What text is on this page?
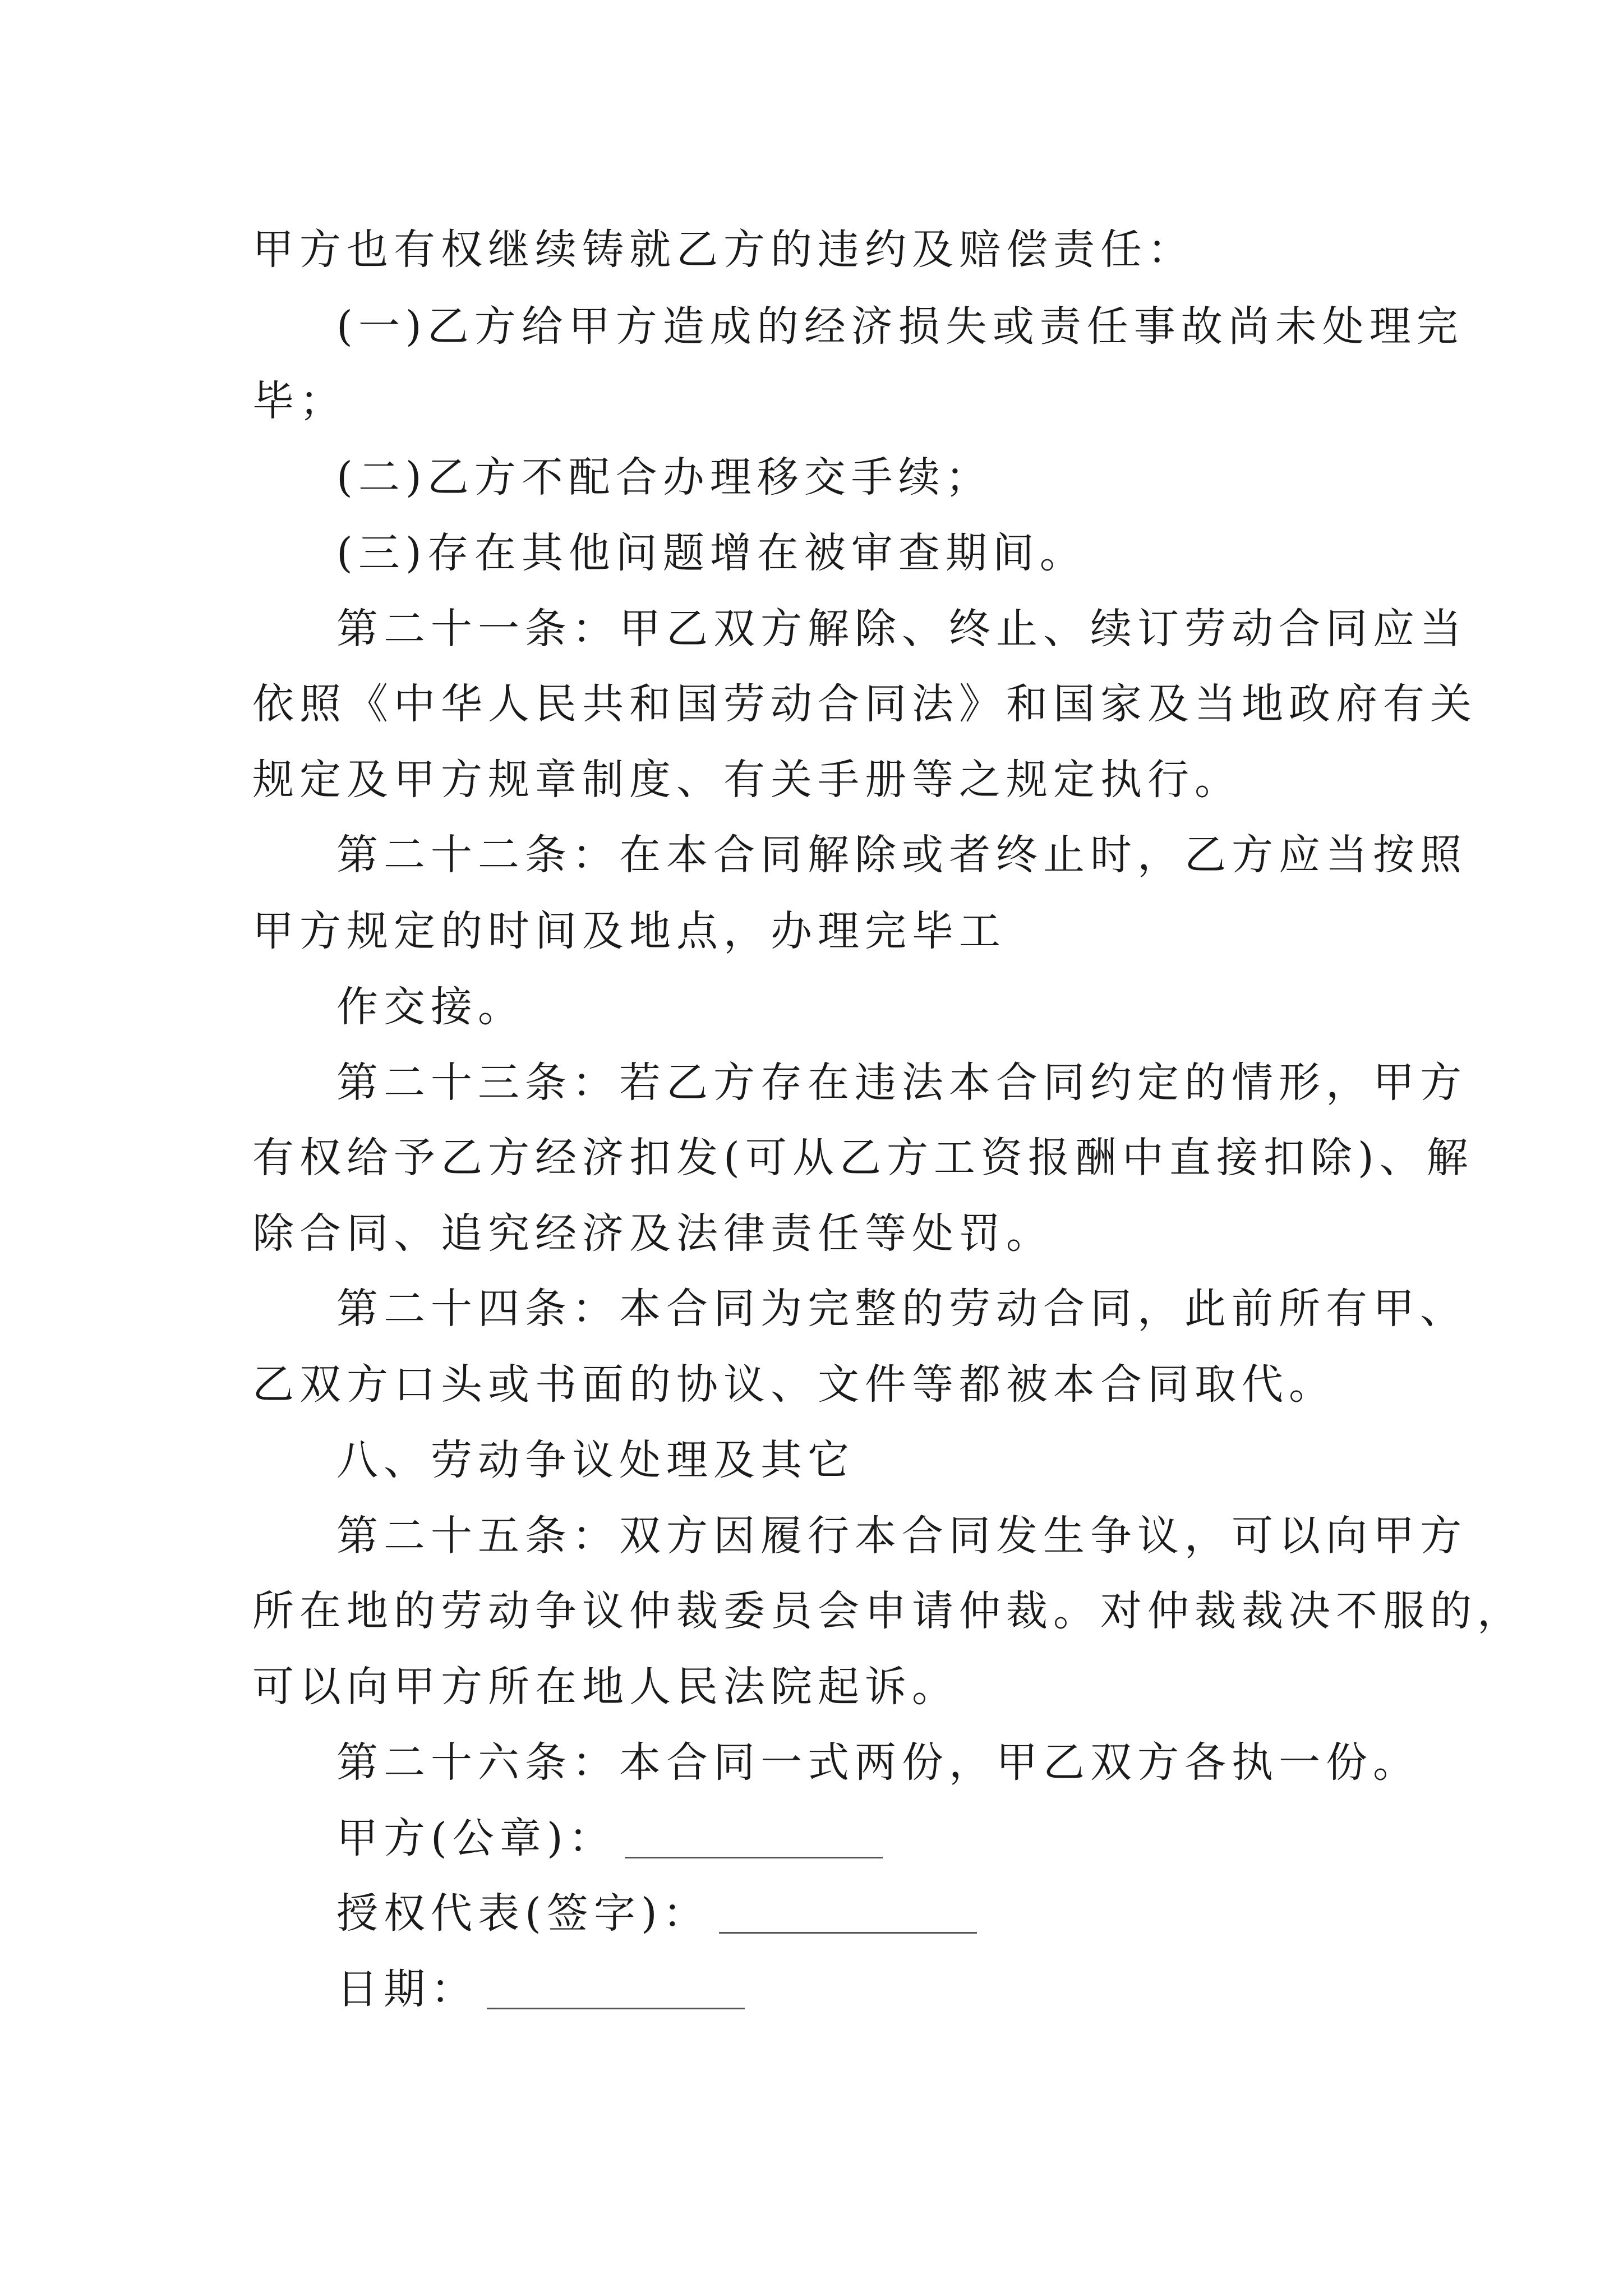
甲方也有权继续铸就乙方的违约及赔偿责任：
(一)乙方给甲方造成的经济损失或责任事故尚未处理完
毕；
(二)乙方不配合办理移交手续；
(三)存在其他问题增在被审查期间。
第二十一条：甲乙双方解除、终止、续订劳动合同应当
依照《中华人民共和国劳动合同法》和国家及当地政府有关
规定及甲方规章制度、有关手册等之规定执行。
第二十二条：在本合同解除或者终止时，乙方应当按照
甲方规定的时间及地点，办理完毕工
作交接。
第二十三条：若乙方存在违法本合同约定的情形，甲方
有权给予乙方经济扣发(可从乙方工资报酬中直接扣除)、解
除合同、追究经济及法律责任等处罚。
第二十四条：本合同为完整的劳动合同，此前所有甲、
乙双方口头或书面的协议、文件等都被本合同取代。
八、劳动争议处理及其它
第二十五条：双方因履行本合同发生争议，可以向甲方
所在地的劳动争议仲裁委员会申请仲裁。对仲裁裁决不服的，
可以向甲方所在地人民法院起诉。
第二十六条：本合同一式两份，甲乙双方各执一份。
甲方(公章)：
授权代表(签字)：
日期：
